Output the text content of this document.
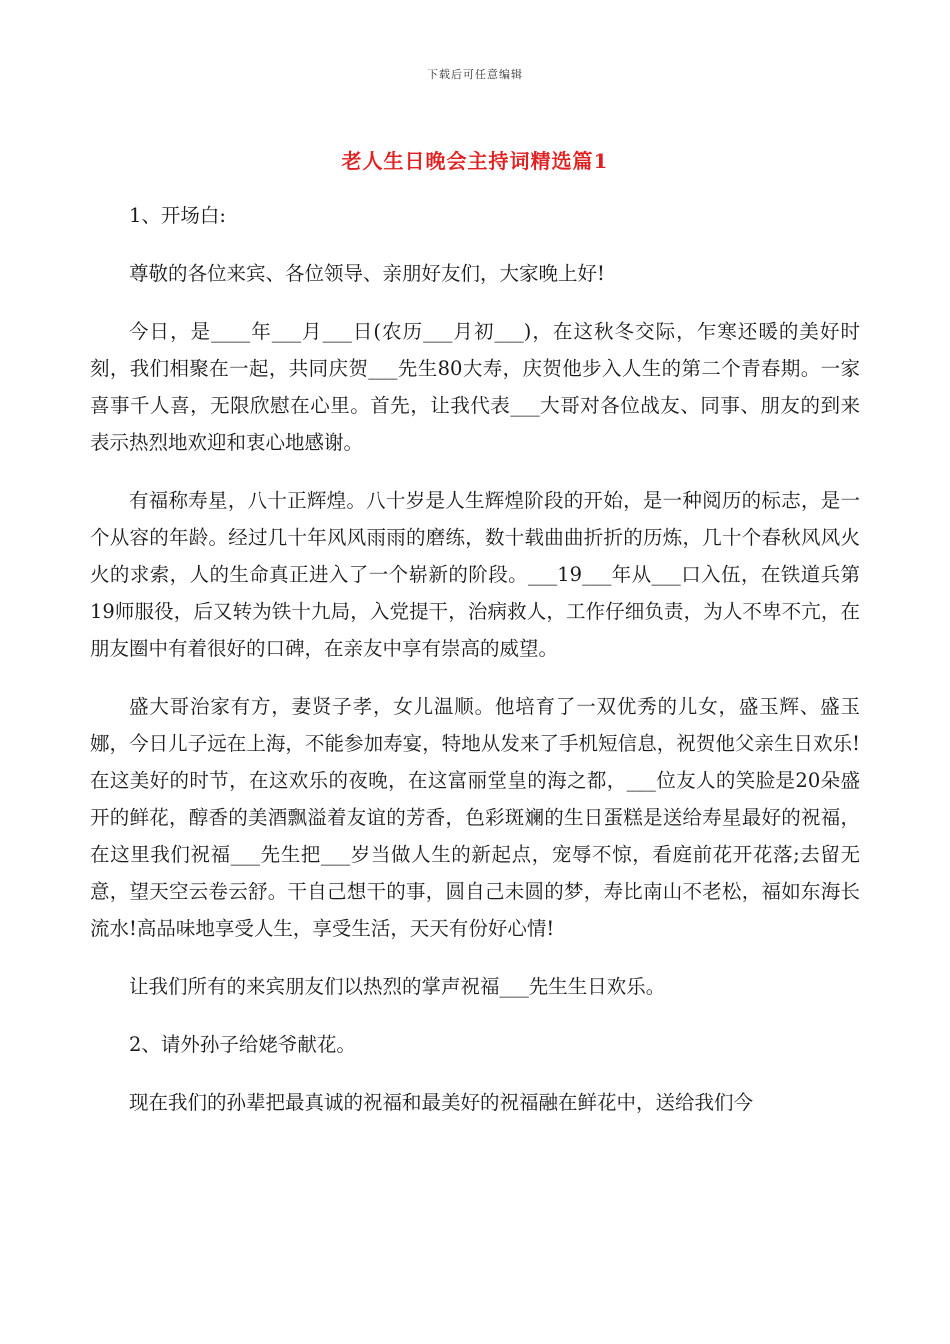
下载后可任意编辑
老人生日晚会主持词精选篇1

1、开场白:

尊敬的各位来宾、各位领导、亲朋好友们，大家晚上好!

今日，是____年___月___日(农历___月初___)，在这秋冬交际，乍寒还暖的美好时刻，我们相聚在一起，共同庆贺___先生80大寿，庆贺他步入人生的第二个青春期。一家喜事千人喜，无限欣慰在心里。首先，让我代表___大哥对各位战友、同事、朋友的到来表示热烈地欢迎和衷心地感谢。

有福称寿星，八十正辉煌。八十岁是人生辉煌阶段的开始，是一种阅历的标志，是一个从容的年龄。经过几十年风风雨雨的磨练，数十载曲曲折折的历炼，几十个春秋风风火火的求索，人的生命真正进入了一个崭新的阶段。___19___年从___口入伍，在铁道兵第19师服役，后又转为铁十九局，入党提干，治病救人，工作仔细负责，为人不卑不亢，在朋友圈中有着很好的口碑，在亲友中享有崇高的威望。

盛大哥治家有方，妻贤子孝，女儿温顺。他培育了一双优秀的儿女，盛玉辉、盛玉娜，今日儿子远在上海，不能参加寿宴，特地从发来了手机短信息，祝贺他父亲生日欢乐! 在这美好的时节，在这欢乐的夜晚，在这富丽堂皇的海之都，___位友人的笑脸是20朵盛开的鲜花，醇香的美酒飘溢着友谊的芳香，色彩斑斓的生日蛋糕是送给寿星最好的祝福，在这里我们祝福___先生把___岁当做人生的新起点，宠辱不惊，看庭前花开花落;去留无意，望天空云卷云舒。干自己想干的事，圆自己未圆的梦，寿比南山不老松，福如东海长流水!高品味地享受人生，享受生活，天天有份好心情!

让我们所有的来宾朋友们以热烈的掌声祝福___先生生日欢乐。

2、请外孙子给姥爷献花。

现在我们的孙辈把最真诚的祝福和最美好的祝福融在鲜花中，送给我们今
